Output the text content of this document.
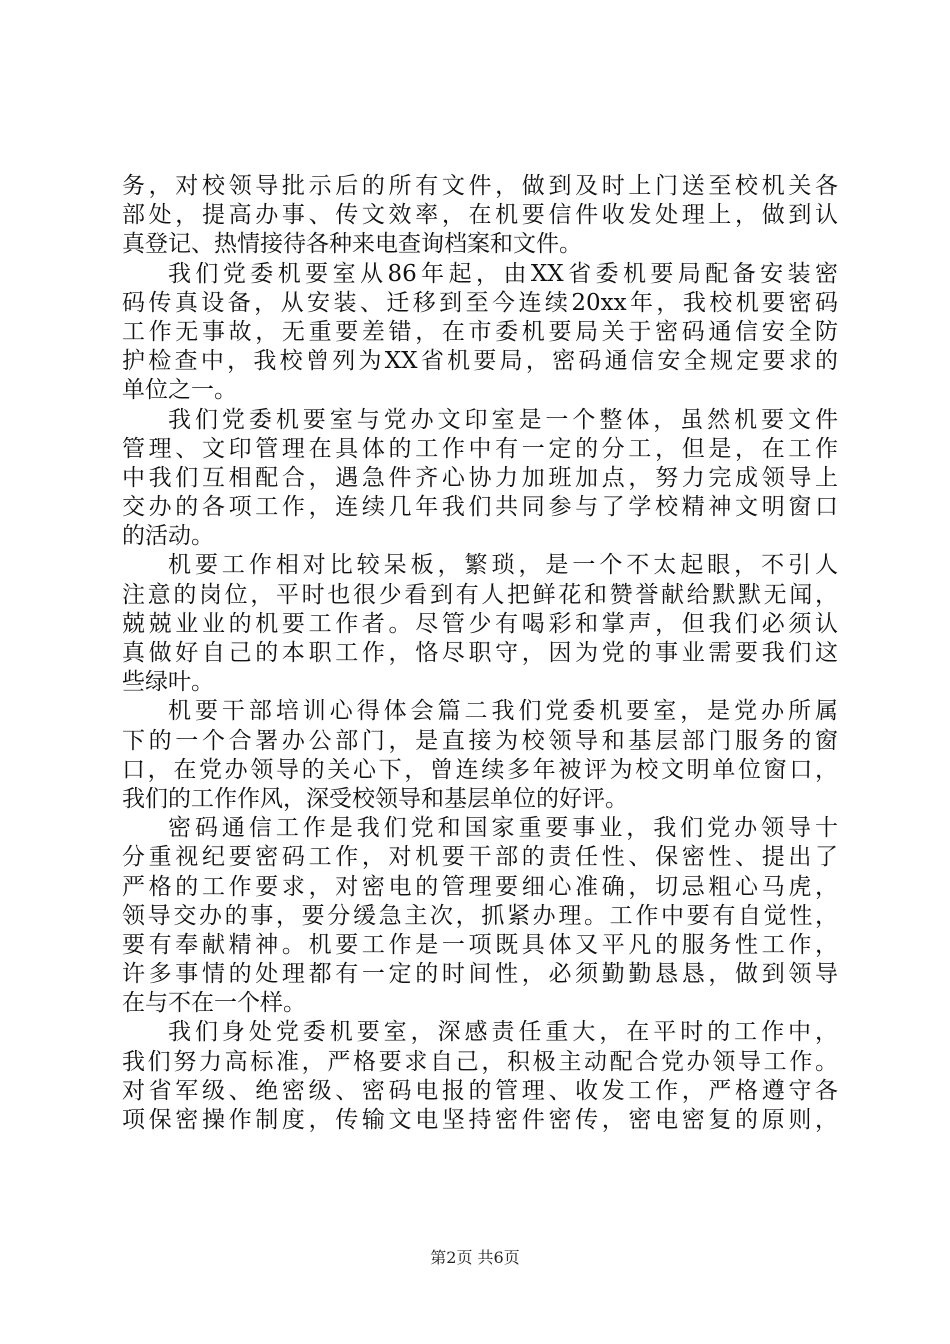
务，对校领导批示后的所有文件，做到及时上门送至校机关各
部处，提高办事、传文效率，在机要信件收发处理上，做到认
真登记、热情接待各种来电查询档案和文件。
我们党委机要室从86年起，由XX省委机要局配备安装密
码传真设备，从安装、迁移到至今连续20xx年，我校机要密码
工作无事故，无重要差错，在市委机要局关于密码通信安全防
护检查中，我校曾列为XX省机要局，密码通信安全规定要求的
单位之一。
我们党委机要室与党办文印室是一个整体，虽然机要文件
管理、文印管理在具体的工作中有一定的分工，但是，在工作
中我们互相配合，遇急件齐心协力加班加点，努力完成领导上
交办的各项工作，连续几年我们共同参与了学校精神文明窗口
的活动。
机要工作相对比较呆板，繁琐，是一个不太起眼，不引人
注意的岗位，平时也很少看到有人把鲜花和赞誉献给默默无闻，
兢兢业业的机要工作者。尽管少有喝彩和掌声，但我们必须认
真做好自己的本职工作，恪尽职守，因为党的事业需要我们这
些绿叶。
机要干部培训心得体会篇二我们党委机要室，是党办所属
下的一个合署办公部门，是直接为校领导和基层部门服务的窗
口，在党办领导的关心下，曾连续多年被评为校文明单位窗口，
我们的工作作风，深受校领导和基层单位的好评。
密码通信工作是我们党和国家重要事业，我们党办领导十
分重视纪要密码工作，对机要干部的责任性、保密性、提出了
严格的工作要求，对密电的管理要细心准确，切忌粗心马虎，
领导交办的事，要分缓急主次，抓紧办理。工作中要有自觉性，
要有奉献精神。机要工作是一项既具体又平凡的服务性工作，
许多事情的处理都有一定的时间性，必须勤勤恳恳，做到领导
在与不在一个样。
我们身处党委机要室，深感责任重大，在平时的工作中，
我们努力高标准，严格要求自己，积极主动配合党办领导工作。
对省军级、绝密级、密码电报的管理、收发工作，严格遵守各
项保密操作制度，传输文电坚持密件密传，密电密复的原则，
第2页 共6页
